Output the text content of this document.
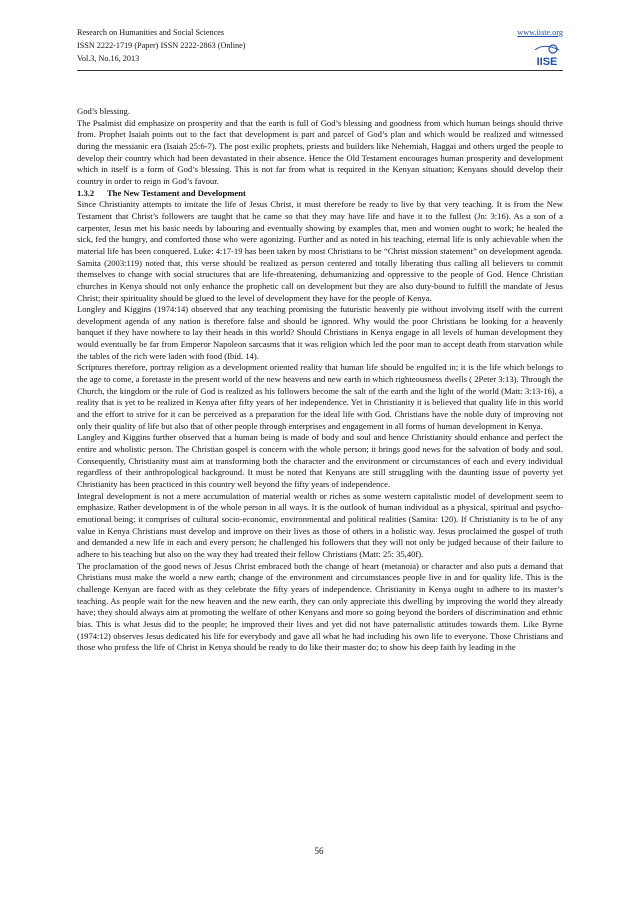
Research on Humanities and Social Sciences
ISSN 2222-1719 (Paper) ISSN 2222-2863 (Online)
Vol.3, No.16, 2013
www.iiste.org
IISE

God’s blessing.

The Psalmist did emphasize on prosperity and that the earth is full of God’s blessing and goodness from which human beings should thrive from. Prophet Isaiah points out to the fact that development is part and parcel of God’s plan and which would be realized and witnessed during the messianic era (Isaiah 25:6-7). The post exilic prophets, priests and builders like Nehemiah, Haggai and others urged the people to develop their country which had been devastated in their absence. Hence the Old Testament encourages human prosperity and development which in itself is a form of God’s blessing. This is not far from what is required in the Kenyan situation; Kenyans should develop their country in order to reign in God’s favour.

1.3.2 The New Testament and Development

Since Christianity attempts to imitate the life of Jesus Christ, it must therefore be ready to live by that very teaching. It is from the New Testament that Christ’s followers are taught that he came so that they may have life and have it to the fullest (Jn: 3:16). As a son of a carpenter, Jesus met his basic needs by labouring and eventually showing by examples that, men and women ought to work; he healed the sick, fed the hungry, and comforted those who were agonizing. Further and as noted in his teaching, eternal life is only achievable when the material life has been conquered. Luke: 4:17-19 has been taken by most Christians to be “Christ mission statement” on development agenda. Samita (2003:119) noted that, this verse should be realized as person centered and totally liberating thus calling all believers to commit themselves to change with social structures that are life-threatening, dehumanizing and oppressive to the people of God. Hence Christian churches in Kenya should not only enhance the prophetic call on development but they are also duty-bound to fulfill the mandate of Jesus Christ; their spirituality should be glued to the level of development they have for the people of Kenya.

Longley and Kiggins (1974:14) observed that any teaching promising the futuristic heavenly pie without involving itself with the current development agenda of any nation is therefore false and should be ignored. Why would the poor Christians be looking for a heavenly banquet if they have nowhere to lay their heads in this world? Should Christians in Kenya engage in all levels of human development they would eventually be far from Emperor Napoleon sarcasms that it was religion which led the poor man to accept death from starvation while the tables of the rich were laden with food (Ibid. 14).

Scriptures therefore, portray religion as a development oriented reality that human life should be engulfed in; it is the life which belongs to the age to come, a foretaste in the present world of the new heavens and new earth in which righteousness dwells ( 2Peter 3:13). Through the Church, the kingdom or the rule of God is realized as his followers become the salt of the earth and the light of the world (Matt: 3:13-16), a reality that is yet to be realized in Kenya after fifty years of her independence. Yet in Christianity it is believed that quality life in this world and the effort to strive for it can be perceived as a preparation for the ideal life with God. Christians have the noble duty of improving not only their quality of life but also that of other people through enterprises and engagement in all forms of human development in Kenya.

Langley and Kiggins further observed that a human being is made of body and soul and hence Christianity should enhance and perfect the entire and wholistic person. The Christian gospel is concern with the whole person; it brings good news for the salvation of body and soul. Consequently, Christianity must aim at transforming both the character and the environment or circumstances of each and every individual regardless of their anthropological background. It must be noted that Kenyans are still struggling with the daunting issue of poverty yet Christianity has been practiced in this country well beyond the fifty years of independence.

Integral development is not a mere accumulation of material wealth or riches as some western capitalistic model of development seem to emphasize. Rather development is of the whole person in all ways. It is the outlook of human individual as a physical, spiritual and psycho-emotional being; it comprises of cultural socio-economic, environmental and political realities (Samita: 120). If Christianity is to be of any value in Kenya Christians must develop and improve on their lives as those of others in a holistic way. Jesus proclaimed the gospel of truth and demanded a new life in each and every person; he challenged his followers that they will not only be judged because of their failure to adhere to his teaching but also on the way they had treated their fellow Christians (Matt: 25: 35,40f).

The proclamation of the good news of Jesus Christ embraced both the change of heart (metanoia) or character and also puts a demand that Christians must make the world a new earth; change of the environment and circumstances people live in and for quality life. This is the challenge Kenyan are faced with as they celebrate the fifty years of independence. Christianity in Kenya ought to adhere to its master’s teaching. As people wait for the new heaven and the new earth, they can only appreciate this dwelling by improving the world they already have; they should always aim at promoting the welfare of other Kenyans and more so going beyond the borders of discrimination and ethnic bias. This is what Jesus did to the people; he improved their lives and yet did not have paternalistic attitudes towards them. Like Byrne (1974:12) observes Jesus dedicated his life for everybody and gave all what he had including his own life to everyone. Those Christians and those who profess the life of Christ in Kenya should be ready to do like their master do; to show his deep faith by leading in the

56
